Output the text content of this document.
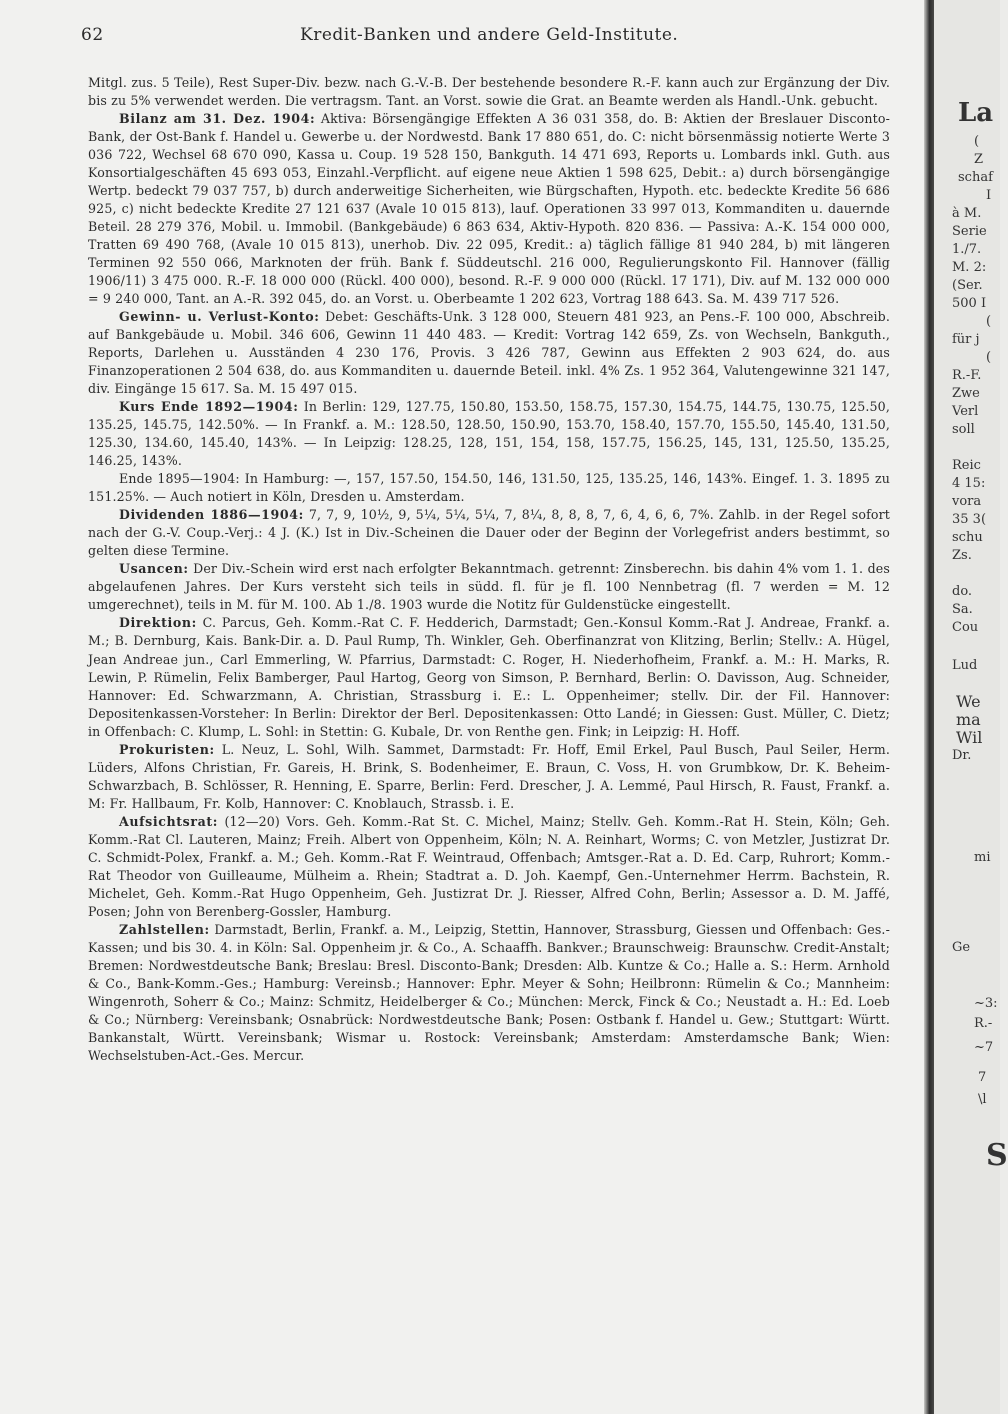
62	Kredit-Banken und andere Geld-Institute.

Mitgl. zus. 5 Teile), Rest Super-Div. bezw. nach G.-V.-B. Der bestehende besondere R.-F. kann auch zur Ergänzung der Div. bis zu 5% verwendet werden. Die vertragsm. Tant. an Vorst. sowie die Grat. an Beamte werden als Handl.-Unk. gebucht.

Bilanz am 31. Dez. 1904: Aktiva: Börsengängige Effekten A 36 031 358, do. B: Aktien der Breslauer Disconto-Bank, der Ost-Bank f. Handel u. Gewerbe u. der Nordwestd. Bank 17 880 651, do. C: nicht börsenmässig notierte Werte 3 036 722, Wechsel 68 670 090, Kassa u. Coup. 19 528 150, Bankguth. 14 471 693, Reports u. Lombards inkl. Guth. aus Konsortialgeschäften 45 693 053, Einzahl.-Verpflicht. auf eigene neue Aktien 1 598 625, Debit.: a) durch börsengängige Wertp. bedeckt 79 037 757, b) durch anderweitige Sicherheiten, wie Bürgschaften, Hypoth. etc. bedeckte Kredite 56 686 925, c) nicht bedeckte Kredite 27 121 637 (Avale 10 015 813), lauf. Operationen 33 997 013, Kommanditen u. dauernde Beteil. 28 279 376, Mobil. u. Immobil. (Bankgebäude) 6 863 634, Aktiv-Hypoth. 820 836. — Passiva: A.-K. 154 000 000, Tratten 69 490 768, (Avale 10 015 813), unerhob. Div. 22 095, Kredit.: a) täglich fällige 81 940 284, b) mit längeren Terminen 92 550 066, Marknoten der früh. Bank f. Süddeutschl. 216 000, Regulierungskonto Fil. Hannover (fällig 1906/11) 3 475 000. R.-F. 18 000 000 (Rückl. 400 000), besond. R.-F. 9 000 000 (Rückl. 17 171), Div. auf M. 132 000 000 = 9 240 000, Tant. an A.-R. 392 045, do. an Vorst. u. Oberbeamte 1 202 623, Vortrag 188 643. Sa. M. 439 717 526.

Gewinn- u. Verlust-Konto: Debet: Geschäfts-Unk. 3 128 000, Steuern 481 923, an Pens.-F. 100 000, Abschreib. auf Bankgebäude u. Mobil. 346 606, Gewinn 11 440 483. — Kredit: Vortrag 142 659, Zs. von Wechseln, Bankguth., Reports, Darlehen u. Ausständen 4 230 176, Provis. 3 426 787, Gewinn aus Effekten 2 903 624, do. aus Finanzoperationen 2 504 638, do. aus Kommanditen u. dauernde Beteil. inkl. 4% Zs. 1 952 364, Valutengewinne 321 147, div. Eingänge 15 617. Sa. M. 15 497 015.

Kurs Ende 1892—1904: In Berlin: 129, 127.75, 150.80, 153.50, 158.75, 157.30, 154.75, 144.75, 130.75, 125.50, 135.25, 145.75, 142.50%. — In Frankf. a. M.: 128.50, 128.50, 150.90, 153.70, 158.40, 157.70, 155.50, 145.40, 131.50, 125.30, 134.60, 145.40, 143%. — In Leipzig: 128.25, 128, 151, 154, 158, 157.75, 156.25, 145, 131, 125.50, 135.25, 146.25, 143%.

Ende 1895—1904: In Hamburg: —, 157, 157.50, 154.50, 146, 131.50, 125, 135.25, 146, 143%. Eingef. 1. 3. 1895 zu 151.25%. — Auch notiert in Köln, Dresden u. Amsterdam.

Dividenden 1886—1904: 7, 7, 9, 10½, 9, 5¼, 5¼, 5¼, 7, 8¼, 8, 8, 8, 7, 6, 4, 6, 6, 7%. Zahlb. in der Regel sofort nach der G.-V. Coup.-Verj.: 4 J. (K.) Ist in Div.-Scheinen die Dauer oder der Beginn der Vorlegefrist anders bestimmt, so gelten diese Termine.

Usancen: Der Div.-Schein wird erst nach erfolgter Bekanntmach. getrennt: Zinsberechn. bis dahin 4% vom 1. 1. des abgelaufenen Jahres. Der Kurs versteht sich teils in südd. fl. für je fl. 100 Nennbetrag (fl. 7 werden = M. 12 umgerechnet), teils in M. für M. 100. Ab 1./8. 1903 wurde die Notitz für Guldenstücke eingestellt.

Direktion: C. Parcus, Geh. Komm.-Rat C. F. Hedderich, Darmstadt; Gen.-Konsul Komm.-Rat J. Andreae, Frankf. a. M.; B. Dernburg, Kais. Bank-Dir. a. D. Paul Rump, Th. Winkler, Geh. Oberfinanzrat von Klitzing, Berlin; Stellv.: A. Hügel, Jean Andreae jun., Carl Emmerling, W. Pfarrius, Darmstadt: C. Roger, H. Niederhofheim, Frankf. a. M.: H. Marks, R. Lewin, P. Rümelin, Felix Bamberger, Paul Hartog, Georg von Simson, P. Bernhard, Berlin: O. Davisson, Aug. Schneider, Hannover: Ed. Schwarzmann, A. Christian, Strassburg i. E.: L. Oppenheimer; stellv. Dir. der Fil. Hannover: Depositenkassen-Vorsteher: In Berlin: Direktor der Berl. Depositenkassen: Otto Landé; in Giessen: Gust. Müller, C. Dietz; in Offenbach: C. Klump, L. Sohl: in Stettin: G. Kubale, Dr. von Renthe gen. Fink; in Leipzig: H. Hoff.

Prokuristen: L. Neuz, L. Sohl, Wilh. Sammet, Darmstadt: Fr. Hoff, Emil Erkel, Paul Busch, Paul Seiler, Herm. Lüders, Alfons Christian, Fr. Gareis, H. Brink, S. Bodenheimer, E. Braun, C. Voss, H. von Grumbkow, Dr. K. Beheim-Schwarzbach, B. Schlösser, R. Henning, E. Sparre, Berlin: Ferd. Drescher, J. A. Lemmé, Paul Hirsch, R. Faust, Frankf. a. M: Fr. Hallbaum, Fr. Kolb, Hannover: C. Knoblauch, Strassb. i. E.

Aufsichtsrat: (12—20) Vors. Geh. Komm.-Rat St. C. Michel, Mainz; Stellv. Geh. Komm.-Rat H. Stein, Köln; Geh. Komm.-Rat Cl. Lauteren, Mainz; Freih. Albert von Oppenheim, Köln; N. A. Reinhart, Worms; C. von Metzler, Justizrat Dr. C. Schmidt-Polex, Frankf. a. M.; Geh. Komm.-Rat F. Weintraud, Offenbach; Amtsger.-Rat a. D. Ed. Carp, Ruhrort; Komm.-Rat Theodor von Guilleaume, Mülheim a. Rhein; Stadtrat a. D. Joh. Kaempf, Gen.-Unternehmer Herrm. Bachstein, R. Michelet, Geh. Komm.-Rat Hugo Oppenheim, Geh. Justizrat Dr. J. Riesser, Alfred Cohn, Berlin; Assessor a. D. M. Jaffé, Posen; John von Berenberg-Gossler, Hamburg.

Zahlstellen: Darmstadt, Berlin, Frankf. a. M., Leipzig, Stettin, Hannover, Strassburg, Giessen und Offenbach: Ges.-Kassen; und bis 30. 4. in Köln: Sal. Oppenheim jr. & Co., A. Schaaffh. Bankver.; Braunschweig: Braunschw. Credit-Anstalt; Bremen: Nordwestdeutsche Bank; Breslau: Bresl. Disconto-Bank; Dresden: Alb. Kuntze & Co.; Halle a. S.: Herm. Arnhold & Co., Bank-Komm.-Ges.; Hamburg: Vereinsb.; Hannover: Ephr. Meyer & Sohn; Heilbronn: Rümelin & Co.; Mannheim: Wingenroth, Soherr & Co.; Mainz: Schmitz, Heidelberger & Co.; München: Merck, Finck & Co.; Neustadt a. H.: Ed. Loeb & Co.; Nürnberg: Vereinsbank; Osnabrück: Nordwestdeutsche Bank; Posen: Ostbank f. Handel u. Gew.; Stuttgart: Württ. Bankanstalt, Württ. Vereinsbank; Wismar u. Rostock: Vereinsbank; Amsterdam: Amsterdamsche Bank; Wien: Wechselstuben-Act.-Ges. Mercur.

La
(
Z
schaf
I
à M.
Serie
1./7.
M. 2:
(Ser.
500 I
(
für j
(
R.-F.
Zwe
Verl
soll
Reic
4 15:
vora
35 3(
schu
Zs.
do.
Sa.
Cou
Lud
We
ma
Wil
Dr.
mi
Ge
~3:
R.-
~7
7
\l
S
